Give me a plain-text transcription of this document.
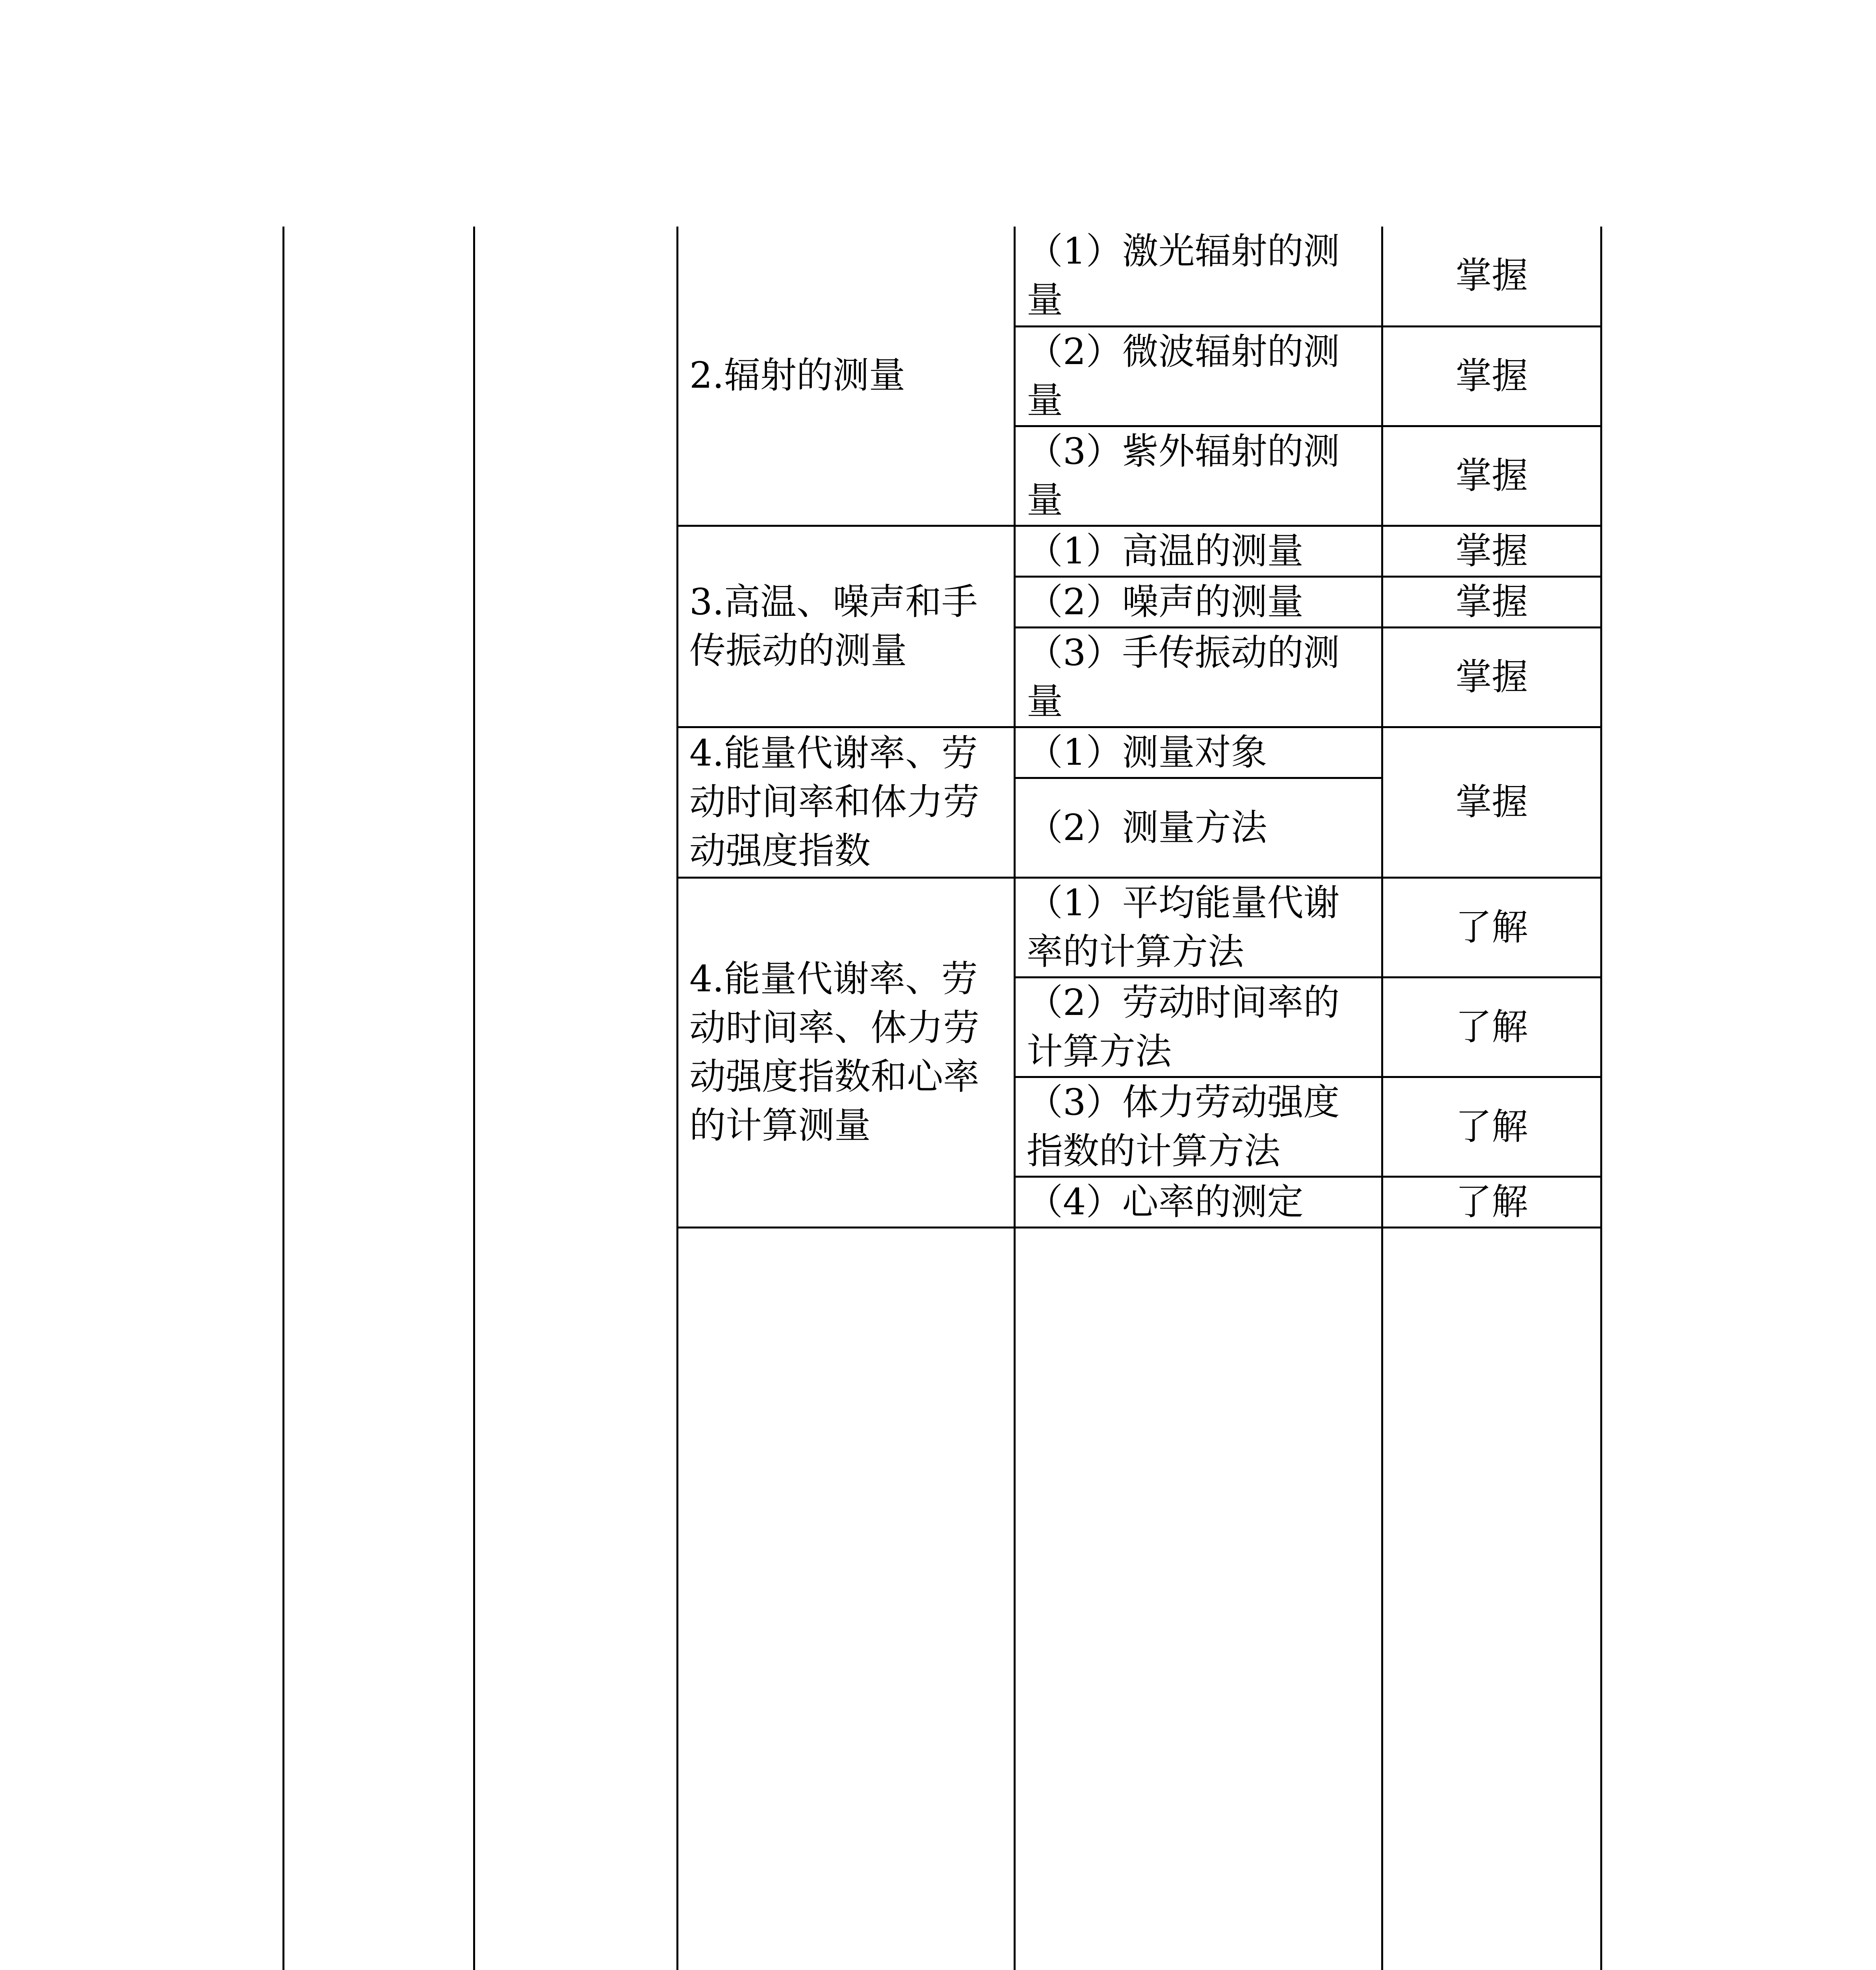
		2.辐射的测量	（1）激光辐射的测量	掌握	
			（2）微波辐射的测量	掌握	
			（3）紫外辐射的测量	掌握	
		3.高温、噪声和手传振动的测量	（1）高温的测量	掌握	
			（2）噪声的测量	掌握	
			（3）手传振动的测量	掌握	
		4.能量代谢率、劳动时间率和体力劳动强度指数	（1）测量对象	掌握	
			（2）测量方法		
		4.能量代谢率、劳动时间率、体力劳动强度指数和心率的计算测量	（1）平均能量代谢率的计算方法	了解	
			（2）劳动时间率的计算方法	了解	
			（3）体力劳动强度指数的计算方法	了解	
			（4）心率的测定	了解	
